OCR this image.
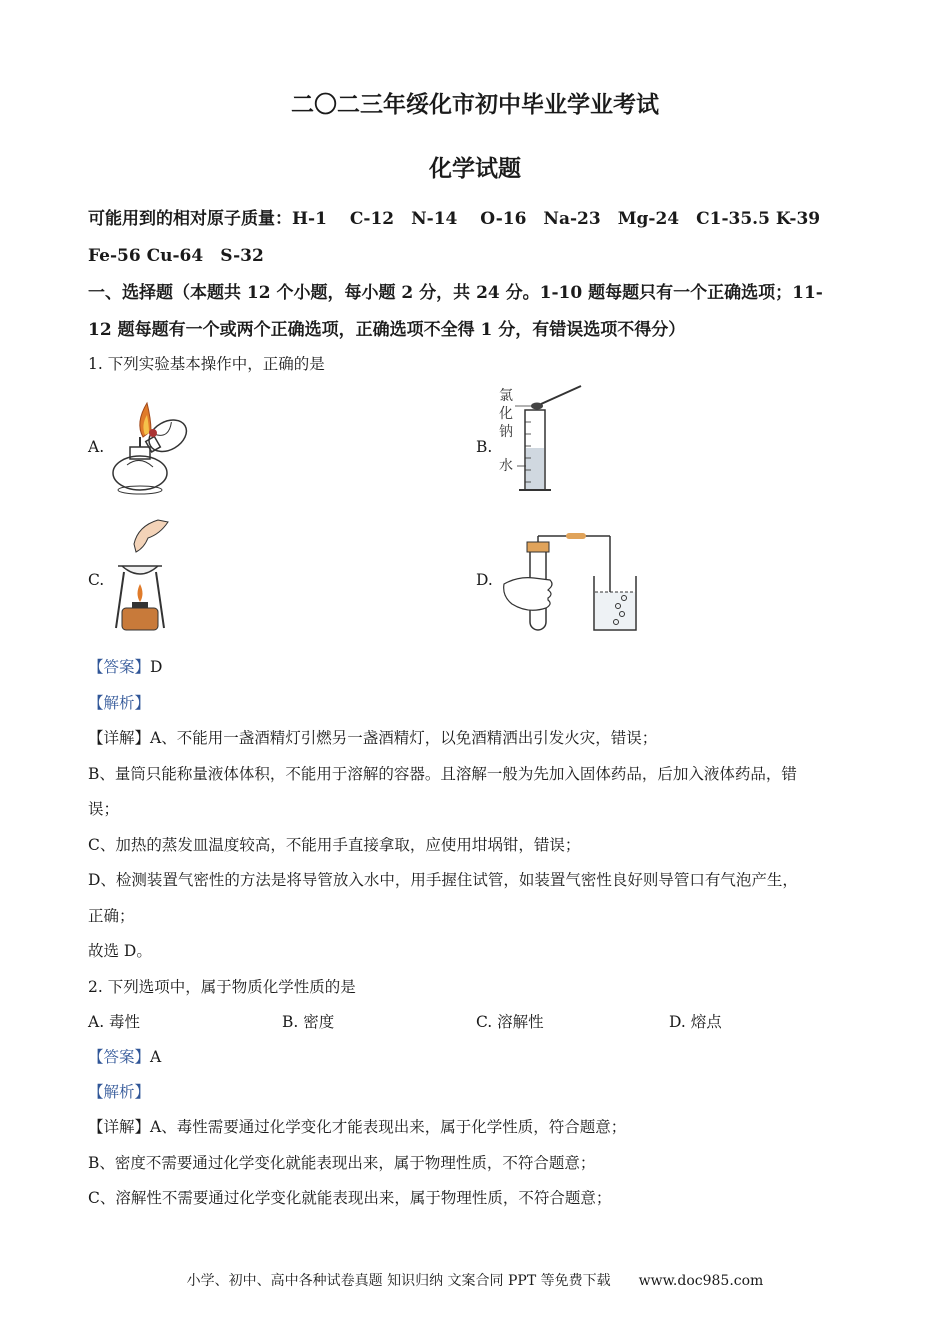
二〇二三年绥化市初中毕业学业考试
化学试题
可能用到的相对原子质量：H-1　 C-12　N-14　 O-16　Na-23　Mg-24　C1-35.5 K-39
Fe-56 Cu-64　S-32
一、选择题（本题共 12 个小题，每小题 2 分，共 24 分。1-10 题每题只有一个正确选项；11-
12 题每题有一个或两个正确选项，正确选项不全得 1 分，有错误选项不得分）
1. 下列实验基本操作中，正确的是
A.	B.
氯
化
钠
水
C.	D.
【答案】D
【解析】
【详解】A、不能用一盏酒精灯引燃另一盏酒精灯，以免酒精洒出引发火灾，错误；
B、量筒只能称量液体体积，不能用于溶解的容器。且溶解一般为先加入固体药品，后加入液体药品，错
误；
C、加热的蒸发皿温度较高，不能用手直接拿取，应使用坩埚钳，错误；
D、检测装置气密性的方法是将导管放入水中，用手握住试管，如装置气密性良好则导管口有气泡产生，
正确；
故选 D。
2. 下列选项中，属于物质化学性质的是
A. 毒性	B. 密度	C. 溶解性	D. 熔点
【答案】A
【解析】
【详解】A、毒性需要通过化学变化才能表现出来，属于化学性质，符合题意；
B、密度不需要通过化学变化就能表现出来，属于物理性质，不符合题意；
C、溶解性不需要通过化学变化就能表现出来，属于物理性质，不符合题意；
小学、初中、高中各种试卷真题 知识归纳 文案合同 PPT 等免费下载　　www.doc985.com
